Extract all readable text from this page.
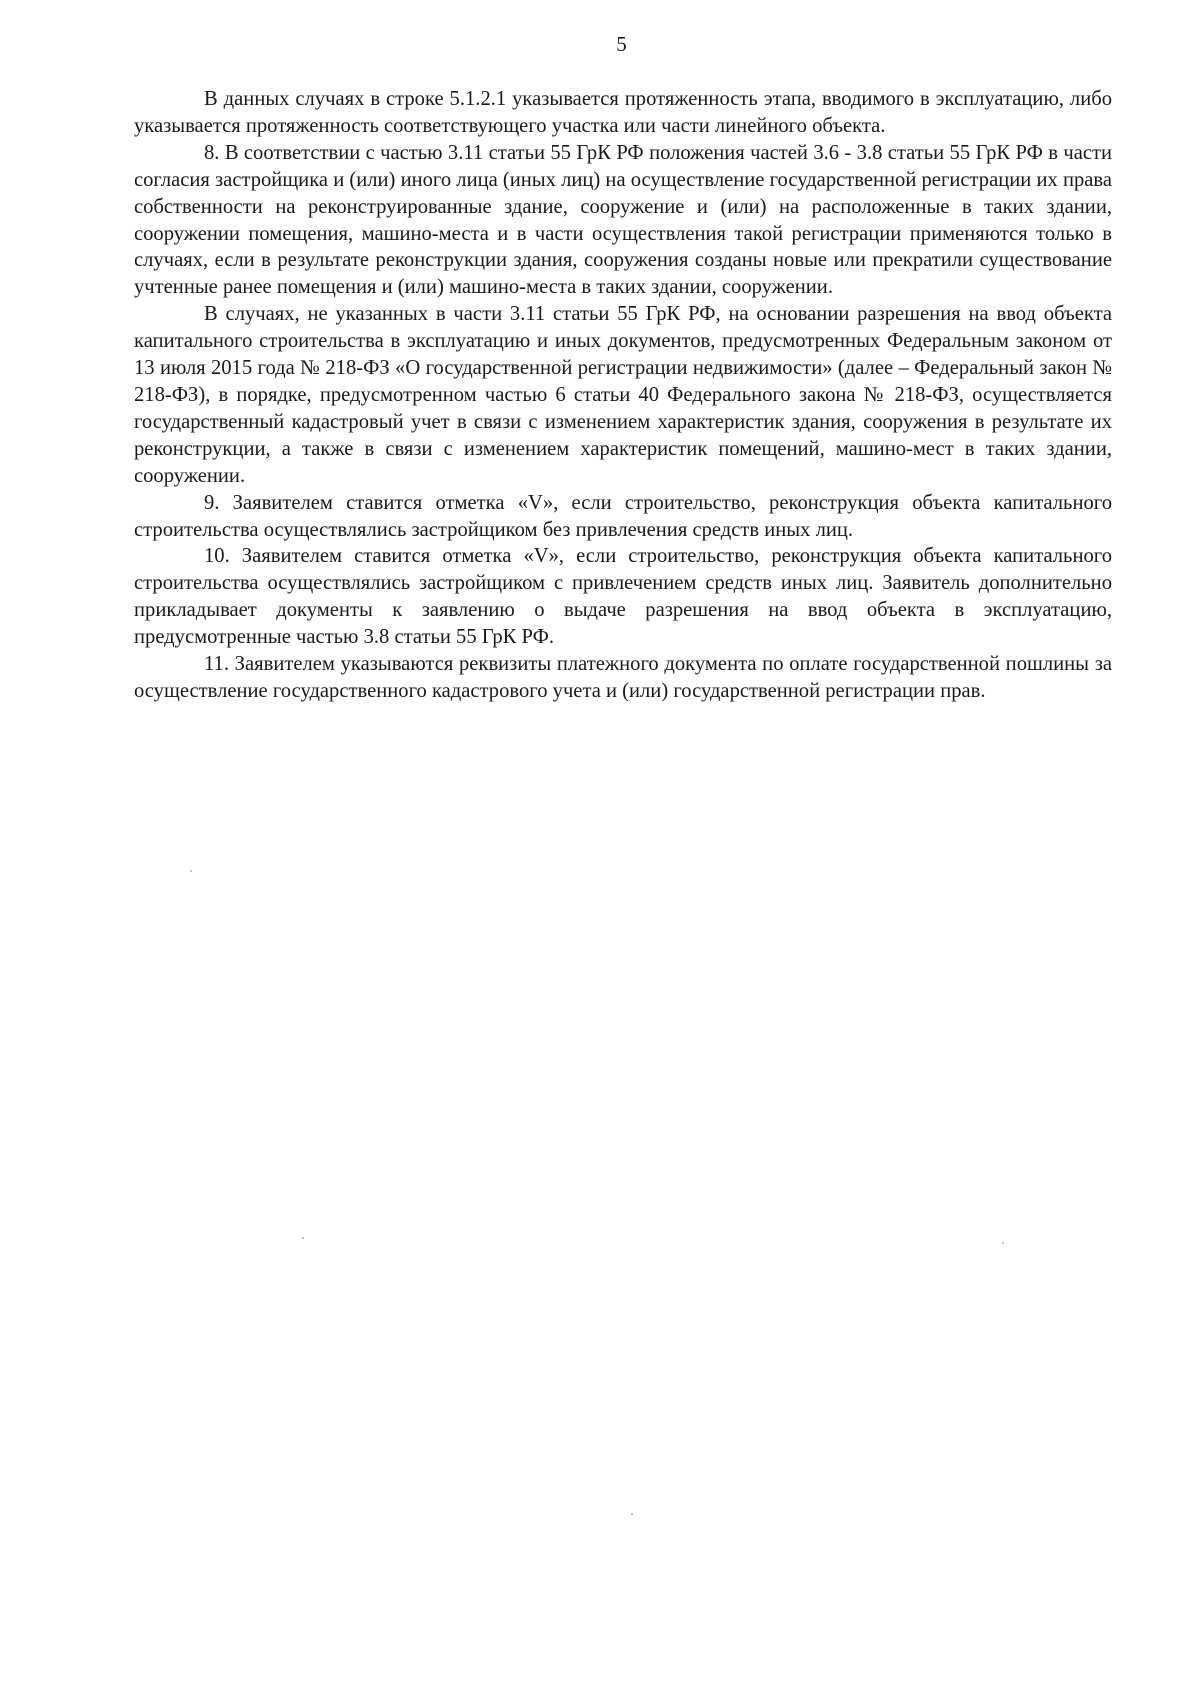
5

В данных случаях в строке 5.1.2.1 указывается протяженность этапа, вводимого в эксплуатацию, либо указывается протяженность соответствующего участка или части линейного объекта.

8. В соответствии с частью 3.11 статьи 55 ГрК РФ положения частей 3.6 - 3.8 статьи 55 ГрК РФ в части согласия застройщика и (или) иного лица (иных лиц) на осуществление государственной регистрации их права собственности на реконструированные здание, сооружение и (или) на расположенные в таких здании, сооружении помещения, машино-места и в части осуществления такой регистрации применяются только в случаях, если в результате реконструкции здания, сооружения созданы новые или прекратили существование учтенные ранее помещения и (или) машино-места в таких здании, сооружении.

В случаях, не указанных в части 3.11 статьи 55 ГрК РФ, на основании разрешения на ввод объекта капитального строительства в эксплуатацию и иных документов, предусмотренных Федеральным законом от 13 июля 2015 года № 218-ФЗ «О государственной регистрации недвижимости» (далее – Федеральный закон № 218-ФЗ), в порядке, предусмотренном частью 6 статьи 40 Федерального закона № 218-ФЗ, осуществляется государственный кадастровый учет в связи с изменением характеристик здания, сооружения в результате их реконструкции, а также в связи с изменением характеристик помещений, машино-мест в таких здании, сооружении.

9. Заявителем ставится отметка «V», если строительство, реконструкция объекта капитального строительства осуществлялись застройщиком без привлечения средств иных лиц.

10. Заявителем ставится отметка «V», если строительство, реконструкция объекта капитального строительства осуществлялись застройщиком с привлечением средств иных лиц. Заявитель дополнительно прикладывает документы к заявлению о выдаче разрешения на ввод объекта в эксплуатацию, предусмотренные частью 3.8 статьи 55 ГрК РФ.

11. Заявителем указываются реквизиты платежного документа по оплате государственной пошлины за осуществление государственного кадастрового учета и (или) государственной регистрации прав.
